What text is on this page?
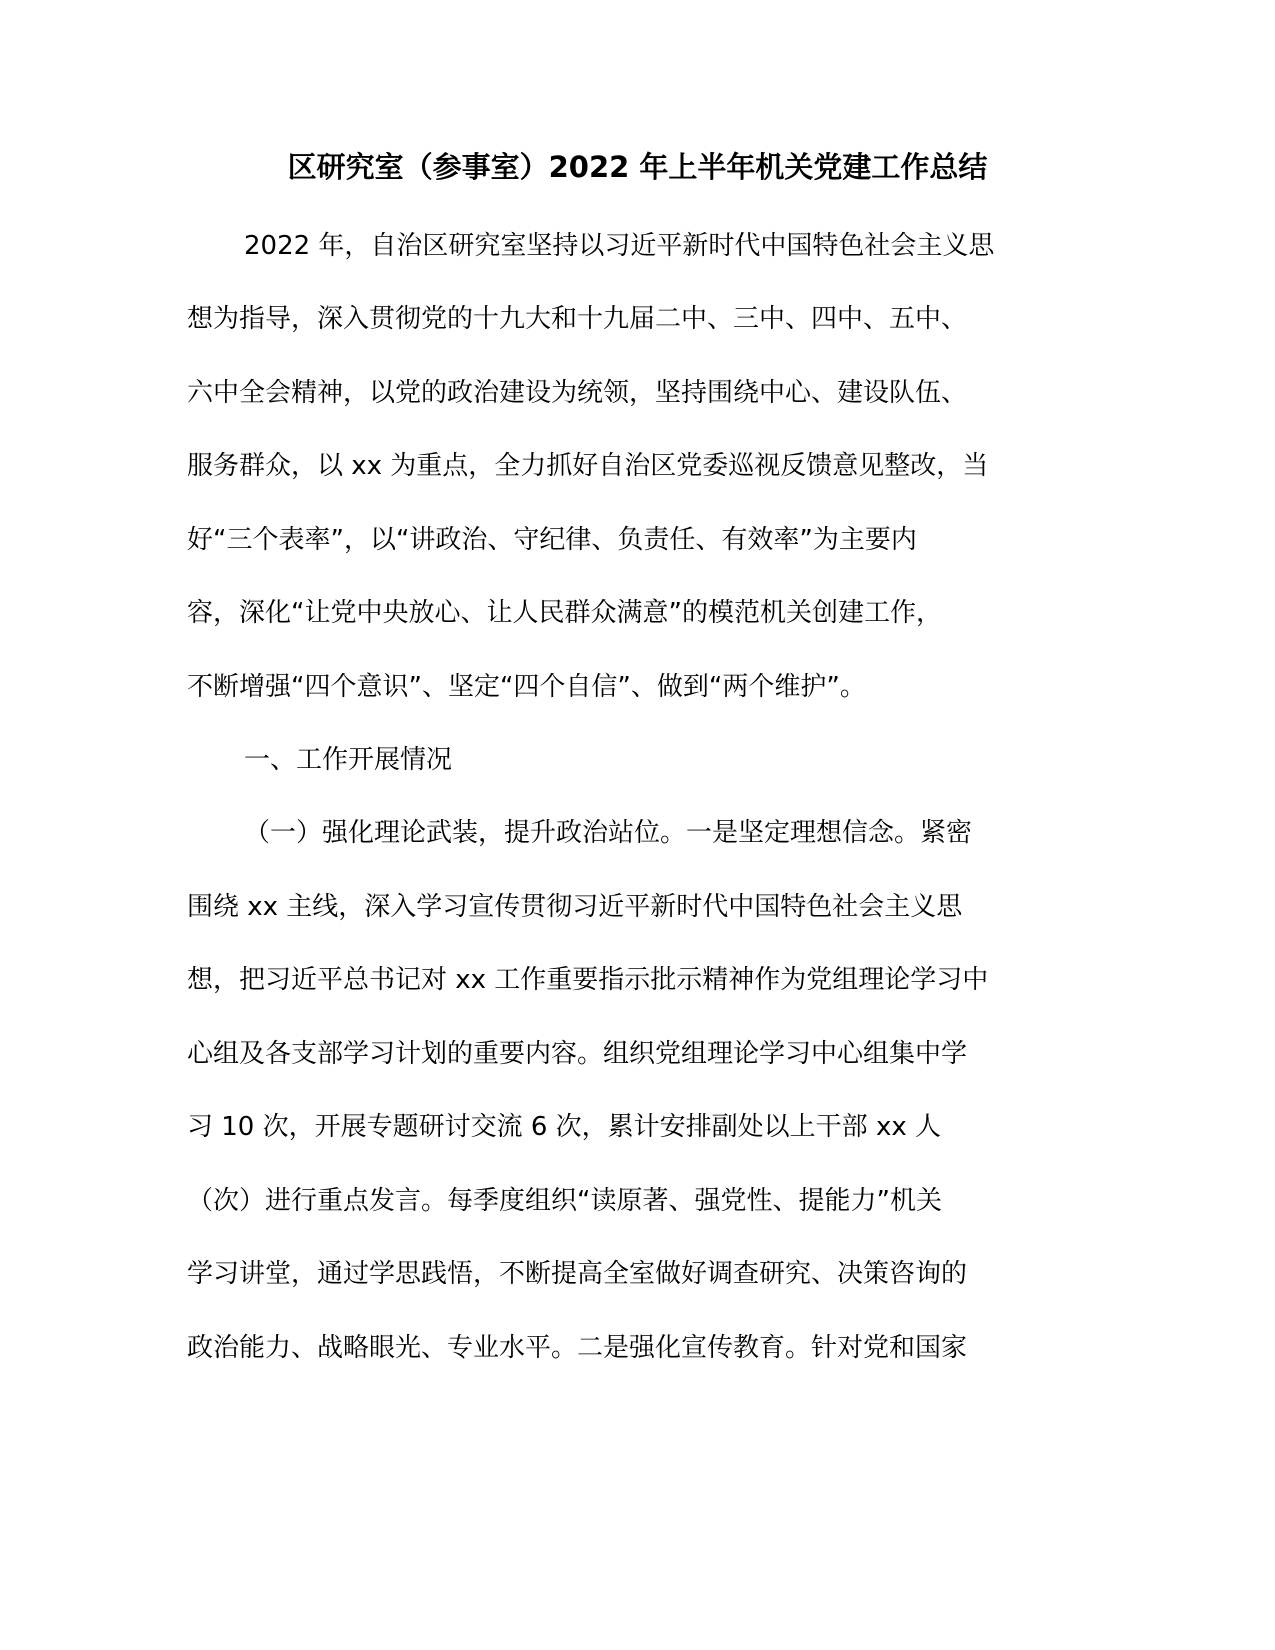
区研究室（参事室）2022 年上半年机关党建工作总结

2022 年，自治区研究室坚持以习近平新时代中国特色社会主义思

想为指导，深入贯彻党的十九大和十九届二中、三中、四中、五中、

六中全会精神，以党的政治建设为统领，坚持围绕中心、建设队伍、

服务群众，以 xx 为重点，全力抓好自治区党委巡视反馈意见整改，当

好“三个表率”，以“讲政治、守纪律、负责任、有效率”为主要内

容，深化“让党中央放心、让人民群众满意”的模范机关创建工作，

不断增强“四个意识”、坚定“四个自信”、做到“两个维护”。

一、工作开展情况

（一）强化理论武装，提升政治站位。一是坚定理想信念。紧密

围绕 xx 主线，深入学习宣传贯彻习近平新时代中国特色社会主义思

想，把习近平总书记对 xx 工作重要指示批示精神作为党组理论学习中

心组及各支部学习计划的重要内容。组织党组理论学习中心组集中学

习 10 次，开展专题研讨交流 6 次，累计安排副处以上干部 xx 人

（次）进行重点发言。每季度组织“读原著、强党性、提能力”机关

学习讲堂，通过学思践悟，不断提高全室做好调查研究、决策咨询的

政治能力、战略眼光、专业水平。二是强化宣传教育。针对党和国家
